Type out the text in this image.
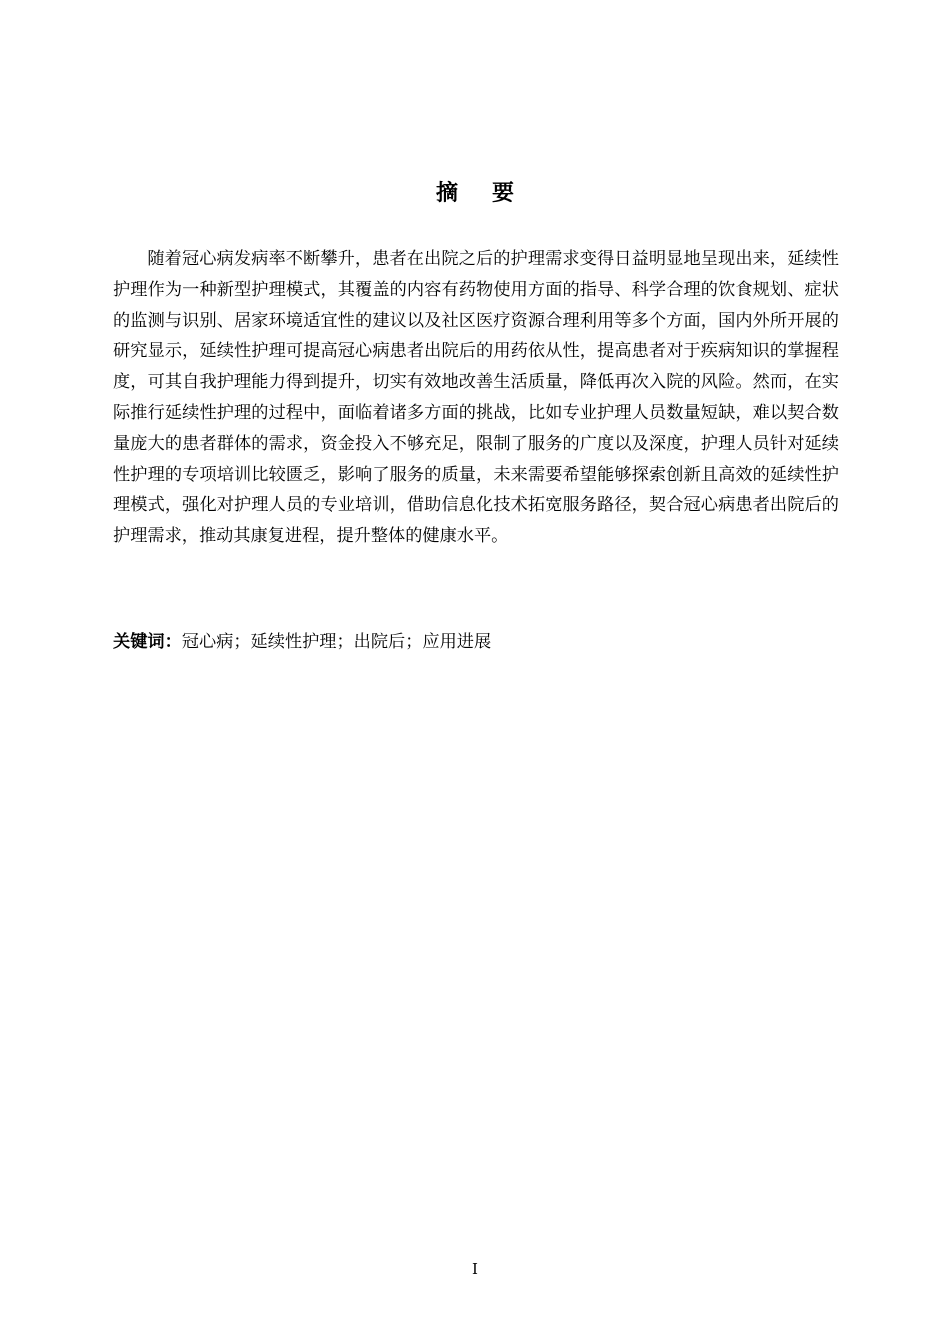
摘要

随着冠心病发病率不断攀升，患者在出院之后的护理需求变得日益明显地呈现出来，延续性护理作为一种新型护理模式，其覆盖的内容有药物使用方面的指导、科学合理的饮食规划、症状的监测与识别、居家环境适宜性的建议以及社区医疗资源合理利用等多个方面，国内外所开展的研究显示，延续性护理可提高冠心病患者出院后的用药依从性，提高患者对于疾病知识的掌握程度，可其自我护理能力得到提升，切实有效地改善生活质量，降低再次入院的风险。然而，在实际推行延续性护理的过程中，面临着诸多方面的挑战，比如专业护理人员数量短缺，难以契合数量庞大的患者群体的需求，资金投入不够充足，限制了服务的广度以及深度，护理人员针对延续性护理的专项培训比较匮乏，影响了服务的质量，未来需要希望能够探索创新且高效的延续性护理模式，强化对护理人员的专业培训，借助信息化技术拓宽服务路径，契合冠心病患者出院后的护理需求，推动其康复进程，提升整体的健康水平。

关键词：冠心病；延续性护理；出院后；应用进展
I
